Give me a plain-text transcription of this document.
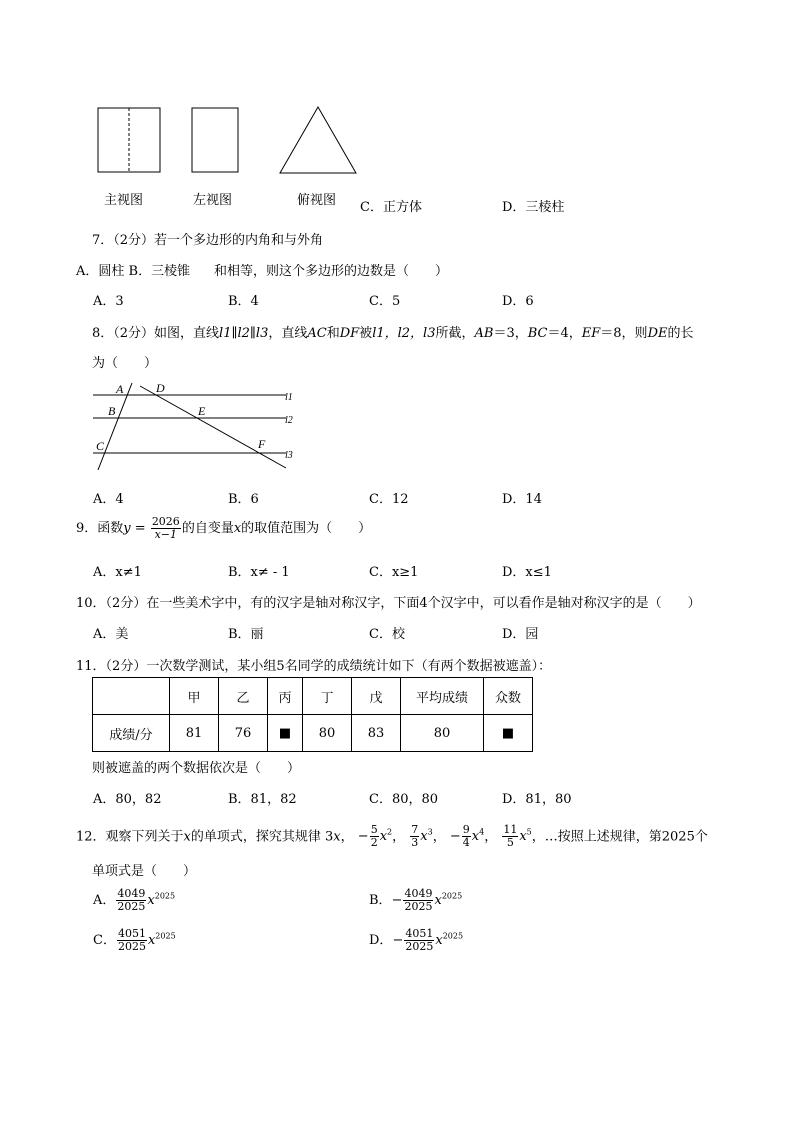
主视图	左视图	俯视图 C．正方体	D．三棱柱
7．（2分）若一个多边形的内角和与外角
A．圆柱 B．三棱锥 和相等，则这个多边形的边数是（　　）
A．3	B．4	C．5	D．6
8．（2分）如图，直线l1∥l2∥l3，直线AC和DF被l1，l2，l3所截，AB＝3，BC＝4，EF＝8，则DE的长
为（　　）
A	D
B	E
C	F
l1
l2
l3
A．4	B．6	C．12	D．14
9．函数$y = \frac{2026}{x-1}$ 的自变量x的取值范围为（　　）
A．x≠1	B．x≠ - 1	C．x≥1	D．x≤1
10．（2分）在一些美术字中，有的汉字是轴对称汉字，下面4个汉字中，可以看作是轴对称汉字的是（　　）
A．美	B．丽	C．校	D．园
11．（2分）一次数学测试，某小组5名同学的成绩统计如下（有两个数据被遮盖）：
	甲	乙	丙	丁	戊	平均成绩	众数
成绩/分	81	76	■	80	83	80	■
则被遮盖的两个数据依次是（　　）
A．80，82	B．81，82	C．80，80	D．81，80
12．观察下列关于x的单项式，探究其规律 3x， − $\frac{5}{2} x^2$， $\frac{7}{3} x^3$， − $\frac{9}{4} x^4$， $\frac{11}{5} x^5$，…按照上述规律，第2025个
单项式是（　　）
A． $\frac{4049}{2025} x^{2025}$	B．− $\frac{4049}{2025} x^{2025}$
C． $\frac{4051}{2025} x^{2025}$	D．− $\frac{4051}{2025} x^{2025}$
